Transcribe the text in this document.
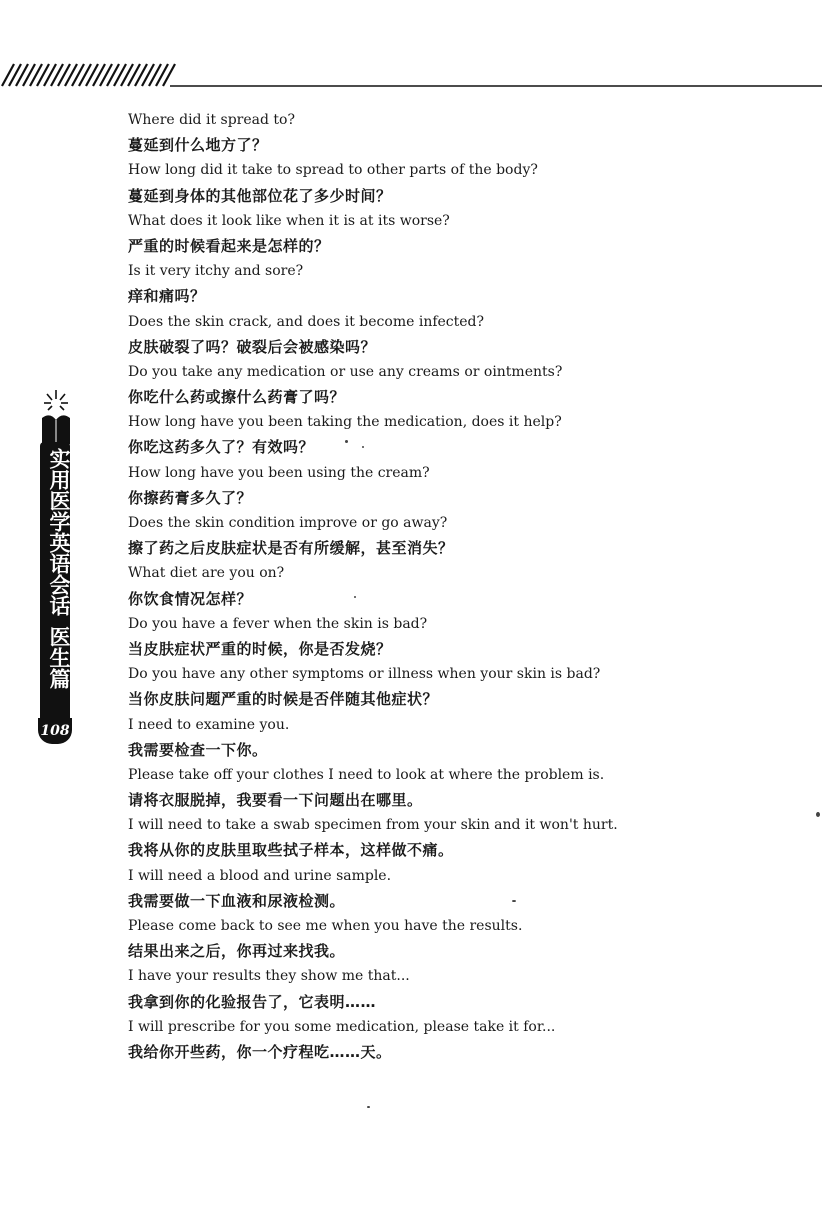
实用医学英语会话医生篇
108
Where did it spread to?
蔓延到什么地方了？
How long did it take to spread to other parts of the body?
蔓延到身体的其他部位花了多少时间？
What does it look like when it is at its worse?
严重的时候看起来是怎样的？
Is it very itchy and sore?
痒和痛吗？
Does the skin crack, and does it become infected?
皮肤破裂了吗？破裂后会被感染吗？
Do you take any medication or use any creams or ointments?
你吃什么药或擦什么药膏了吗？
How long have you been taking the medication, does it help?
你吃这药多久了？有效吗？
How long have you been using the cream?
你擦药膏多久了？
Does the skin condition improve or go away?
擦了药之后皮肤症状是否有所缓解，甚至消失？
What diet are you on?
你饮食情况怎样？
Do you have a fever when the skin is bad?
当皮肤症状严重的时候，你是否发烧？
Do you have any other symptoms or illness when your skin is bad?
当你皮肤问题严重的时候是否伴随其他症状？
I need to examine you.
我需要检查一下你。
Please take off your clothes I need to look at where the problem is.
请将衣服脱掉，我要看一下问题出在哪里。
I will need to take a swab specimen from your skin and it won't hurt.
我将从你的皮肤里取些拭子样本，这样做不痛。
I will need a blood and urine sample.
我需要做一下血液和尿液检测。
Please come back to see me when you have the results.
结果出来之后，你再过来找我。
I have your results they show me that...
我拿到你的化验报告了，它表明……
I will prescribe for you some medication, please take it for...
我给你开些药，你一个疗程吃……天。
